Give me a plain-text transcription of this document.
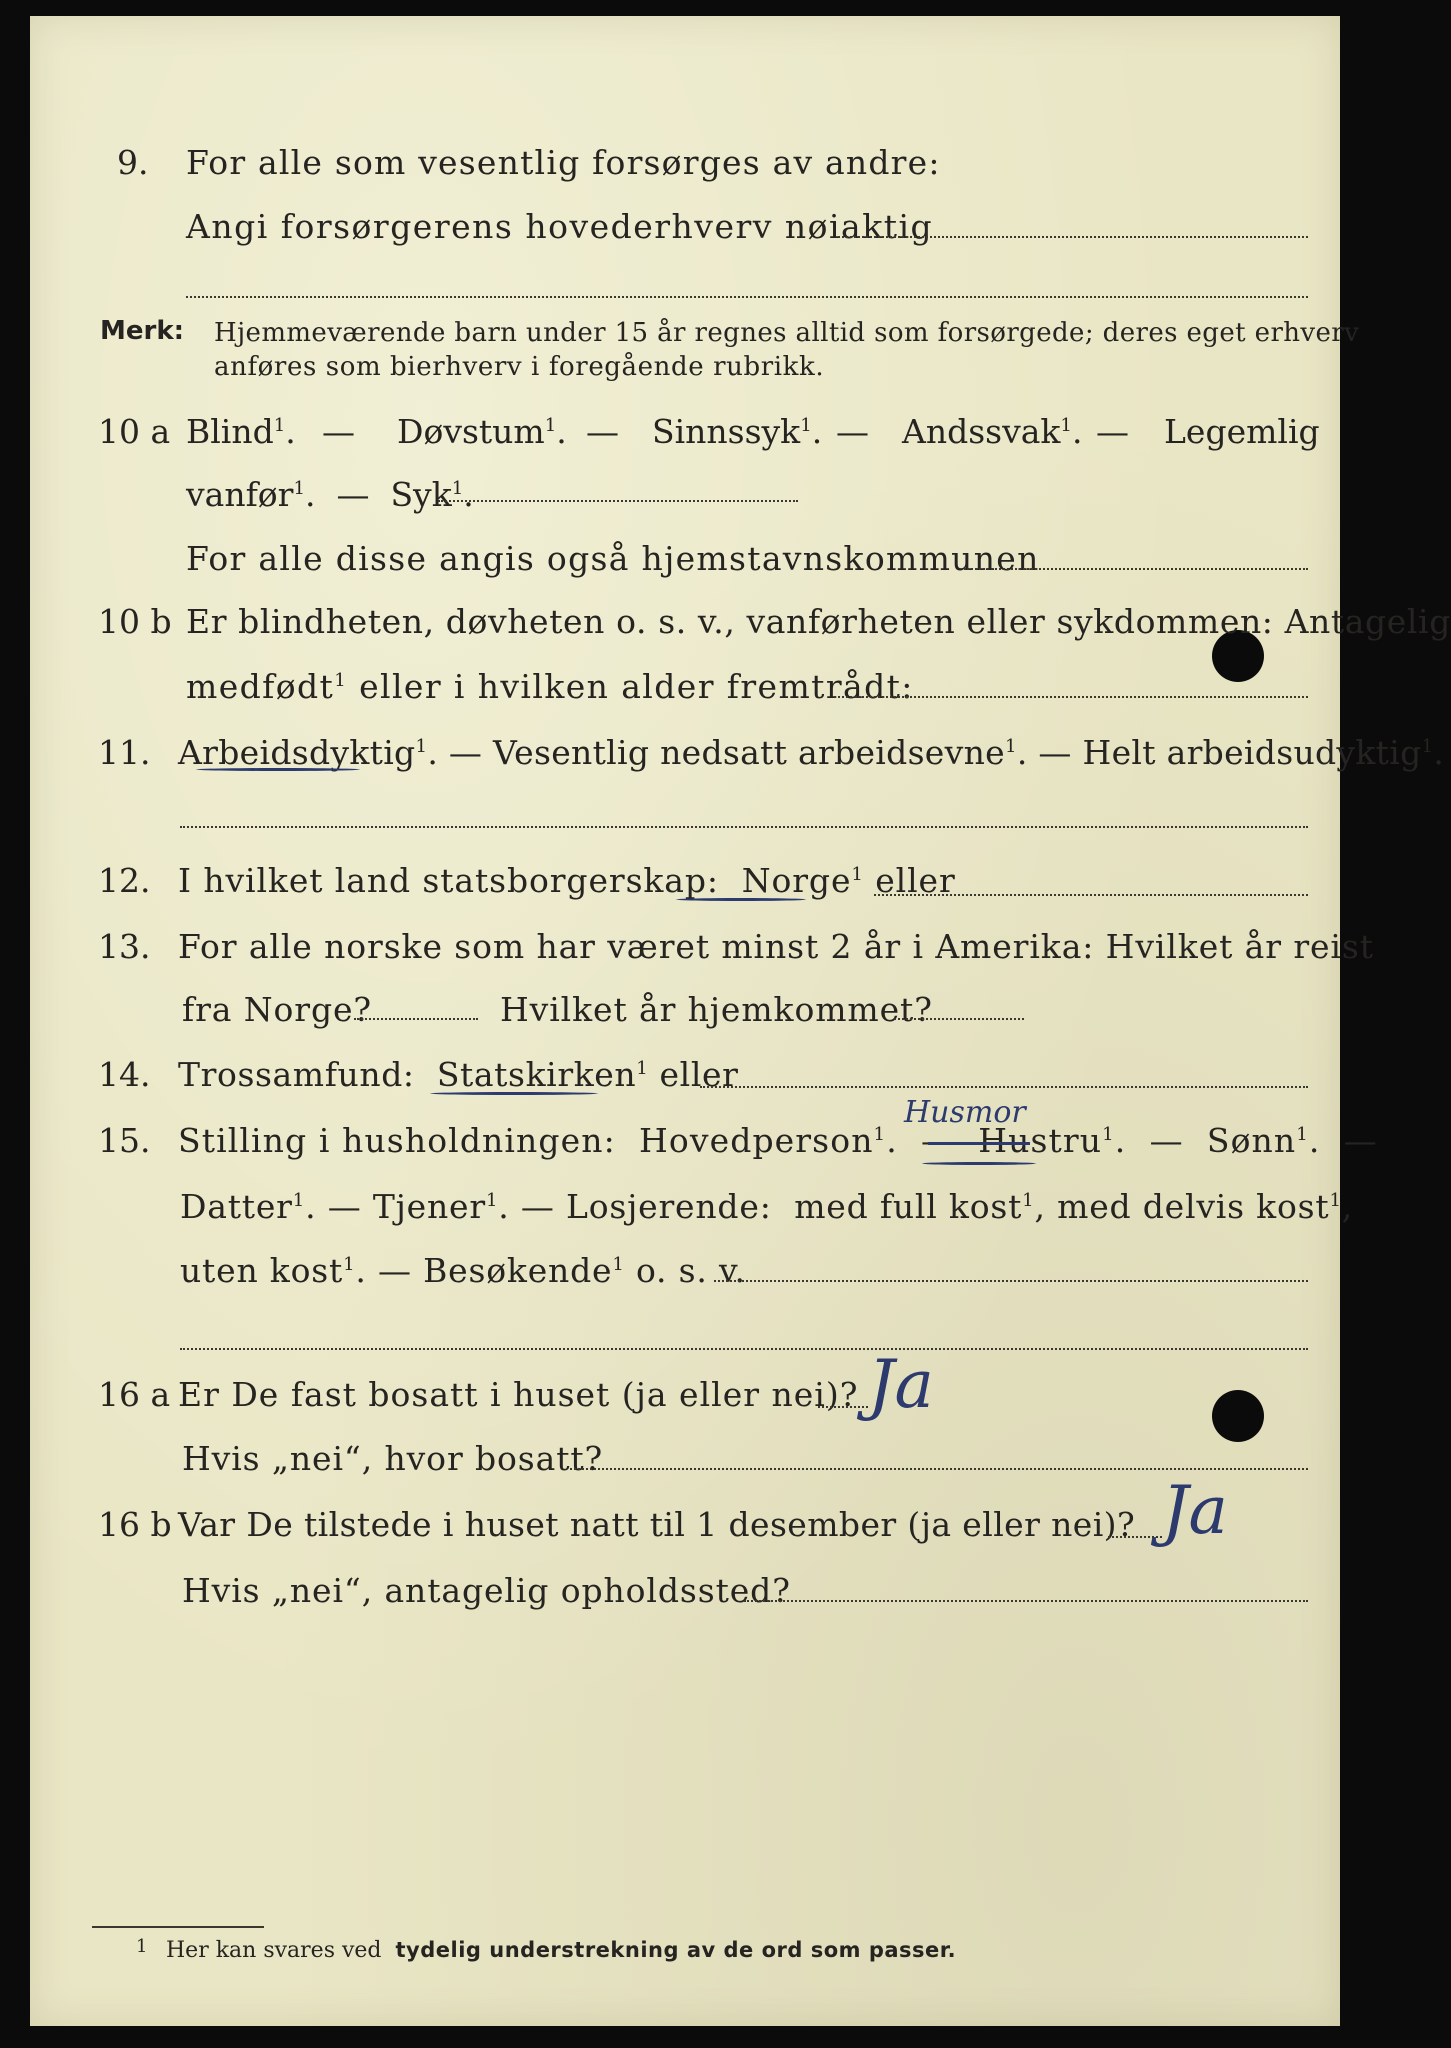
9. For alle som vesentlig forsørges av andre:
Angi forsørgerens hovederhverv nøiaktig
Merk: Hjemmeværende barn under 15 år regnes alltid som forsørgede; deres eget erhverv
anføres som bierhverv i foregående rubrikk.
10 a Blind$^1$. — Døvstum$^1$. — Sinnssyk$^1$. — Andssvak$^1$. — Legemlig
vanfør$^1$.  — Syk$^1$.
For alle disse angis også hjemstavnskommunen
10 b Er blindheten, døvheten o. s. v., vanførheten eller sykdommen: Antagelig
medfødt$^1$ eller i hvilken alder fremtrådt:
11. Arbeidsdyktig$^1$. — Vesentlig nedsatt arbeidsevne$^1$. — Helt arbeidsudyktig$^1$.
12. I hvilket land statsborgerskap: Norge$^1$ eller
13. For alle norske som har været minst 2 år i Amerika: Hvilket år reist
fra Norge?	Hvilket år hjemkommet?
14. Trossamfund: Statskirken$^1$ eller
15.
Husmor
Stilling i husholdningen: Hovedperson$^1$.  — Hustru$^1$.  — Sønn$^1$.  —
Datter$^1$. — Tjener$^1$. — Losjerende: med full kost$^1$, med delvis kost$^1$,
uten kost$^1$. — Besøkende$^1$ o. s. v.
16 a Er De fast bosatt i huset (ja eller nei)? Ja
Hvis „nei“, hvor bosatt?
16 b Var De tilstede i huset natt til 1 desember (ja eller nei)? Ja
Hvis „nei“, antagelig opholdssted?
1 Her kan svares ved tydelig understrekning av de ord som passer.
